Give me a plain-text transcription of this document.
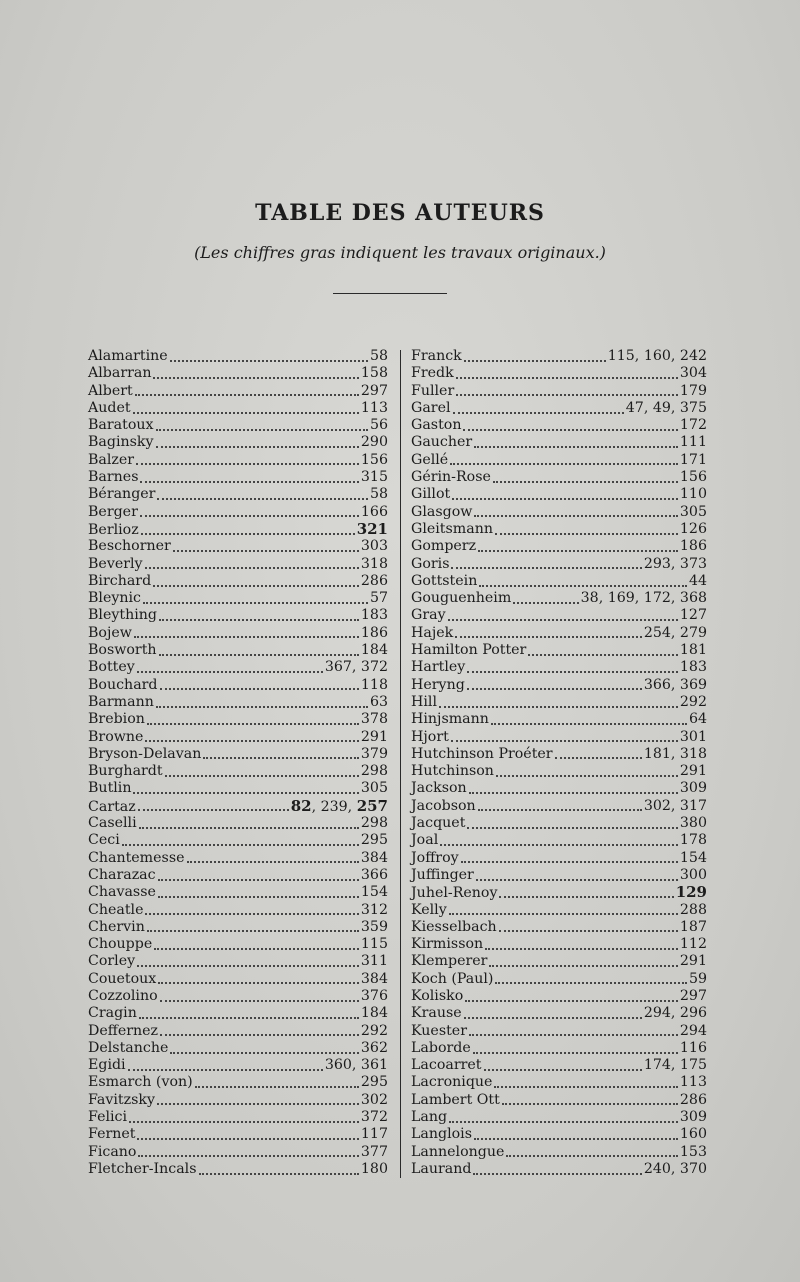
TABLE DES AUTEURS
(Les chiffres gras indiquent les travaux originaux.)
Alamartine	58
Albarran	158
Albert	297
Audet	113
Baratoux	56
Baginsky	290
Balzer	156
Barnes	315
Béranger	58
Berger	166
Berlioz	321
Beschorner	303
Beverly	318
Birchard	286
Bleynic	57
Bleything	183
Bojew	186
Bosworth	184
Bottey	367, 372
Bouchard	118
Barmann	63
Brebion	378
Browne	291
Bryson-Delavan	379
Burghardt	298
Butlin	305
Cartaz	82, 239, 257
Caselli	298
Ceci	295
Chantemesse	384
Charazac	366
Chavasse	154
Cheatle	312
Chervin	359
Chouppe	115
Corley	311
Couetoux	384
Cozzolino	376
Cragin	184
Deffernez	292
Delstanche	362
Egidi	360, 361
Esmarch (von)	295
Favitzsky	302
Felici	372
Fernet	117
Ficano	377
Fletcher-Incals	180
Franck	115, 160, 242
Fredk	304
Fuller	179
Garel	47, 49, 375
Gaston	172
Gaucher	111
Gellé	171
Gérin-Rose	156
Gillot	110
Glasgow	305
Gleitsmann	126
Gomperz	186
Goris	293, 373
Gottstein	44
Gouguenheim	38, 169, 172, 368
Gray	127
Hajek	254, 279
Hamilton Potter	181
Hartley	183
Heryng	366, 369
Hill	292
Hinjsmann	64
Hjort	301
Hutchinson Proéter	181, 318
Hutchinson	291
Jackson	309
Jacobson	302, 317
Jacquet	380
Joal	178
Joffroy	154
Juffinger	300
Juhel-Renoy	129
Kelly	288
Kiesselbach	187
Kirmisson	112
Klemperer	291
Koch (Paul)	59
Kolisko	297
Krause	294, 296
Kuester	294
Laborde	116
Lacoarret	174, 175
Lacronique	113
Lambert Ott	286
Lang	309
Langlois	160
Lannelongue	153
Laurand	240, 370
